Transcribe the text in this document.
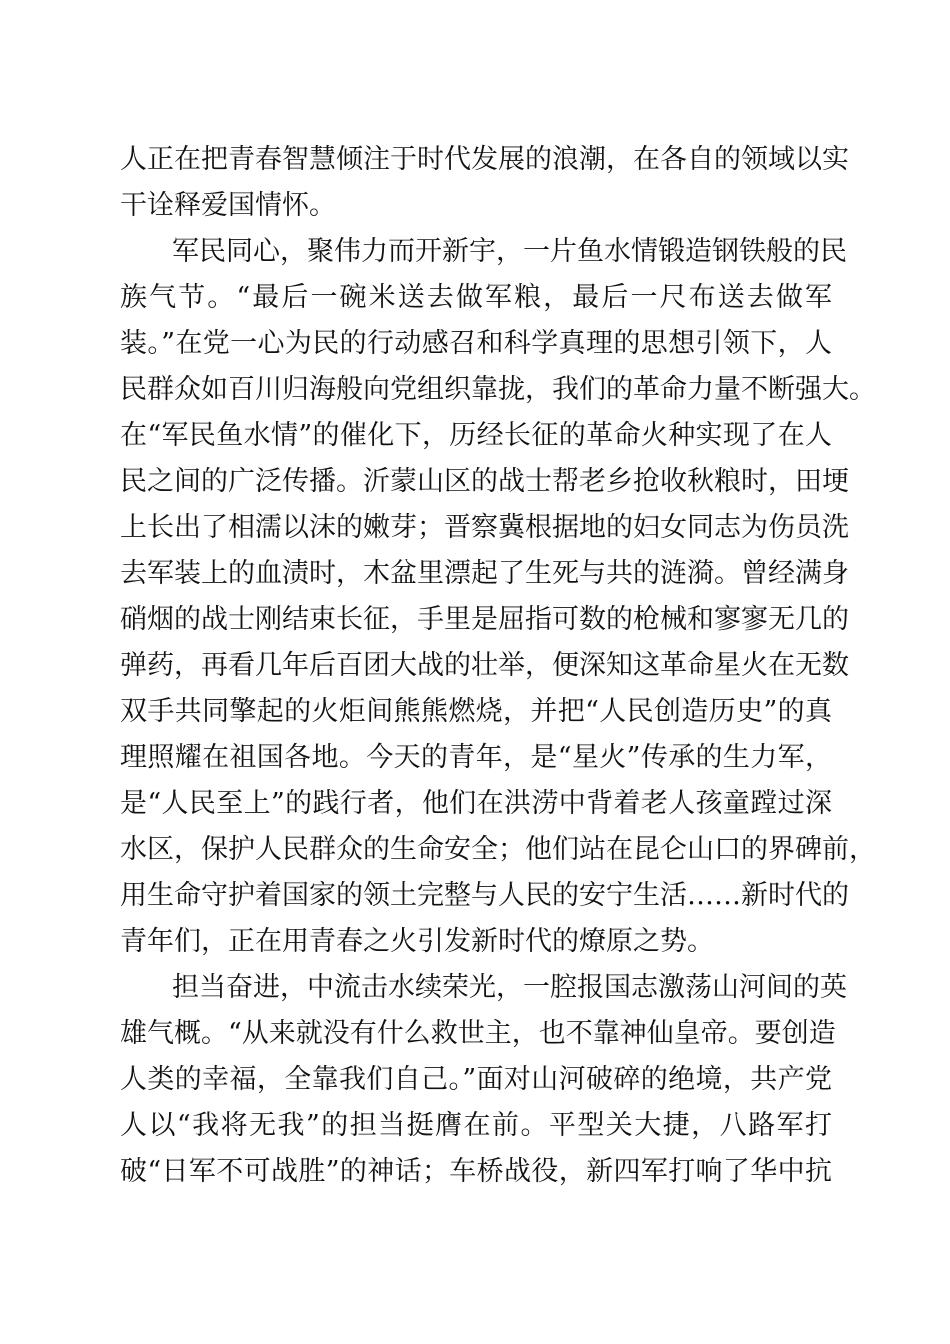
人正在把青春智慧倾注于时代发展的浪潮，在各自的领域以实
干诠释爱国情怀。
军民同心，聚伟力而开新宇，一片鱼水情锻造钢铁般的民
族气节。“最后一碗米送去做军粮，最后一尺布送去做军
装。”在党一心为民的行动感召和科学真理的思想引领下，人
民群众如百川归海般向党组织靠拢，我们的革命力量不断强大。
在“军民鱼水情”的催化下，历经长征的革命火种实现了在人
民之间的广泛传播。沂蒙山区的战士帮老乡抢收秋粮时，田埂
上长出了相濡以沫的嫩芽；晋察冀根据地的妇女同志为伤员洗
去军装上的血渍时，木盆里漂起了生死与共的涟漪。曾经满身
硝烟的战士刚结束长征，手里是屈指可数的枪械和寥寥无几的
弹药，再看几年后百团大战的壮举，便深知这革命星火在无数
双手共同擎起的火炬间熊熊燃烧，并把“人民创造历史”的真
理照耀在祖国各地。今天的青年，是“星火”传承的生力军，
是“人民至上”的践行者，他们在洪涝中背着老人孩童蹚过深
水区，保护人民群众的生命安全；他们站在昆仑山口的界碑前，
用生命守护着国家的领土完整与人民的安宁生活……新时代的
青年们，正在用青春之火引发新时代的燎原之势。
担当奋进，中流击水续荣光，一腔报国志激荡山河间的英
雄气概。“从来就没有什么救世主，也不靠神仙皇帝。要创造
人类的幸福，全靠我们自己。”面对山河破碎的绝境，共产党
人以“我将无我”的担当挺膺在前。平型关大捷，八路军打
破“日军不可战胜”的神话；车桥战役，新四军打响了华中抗
